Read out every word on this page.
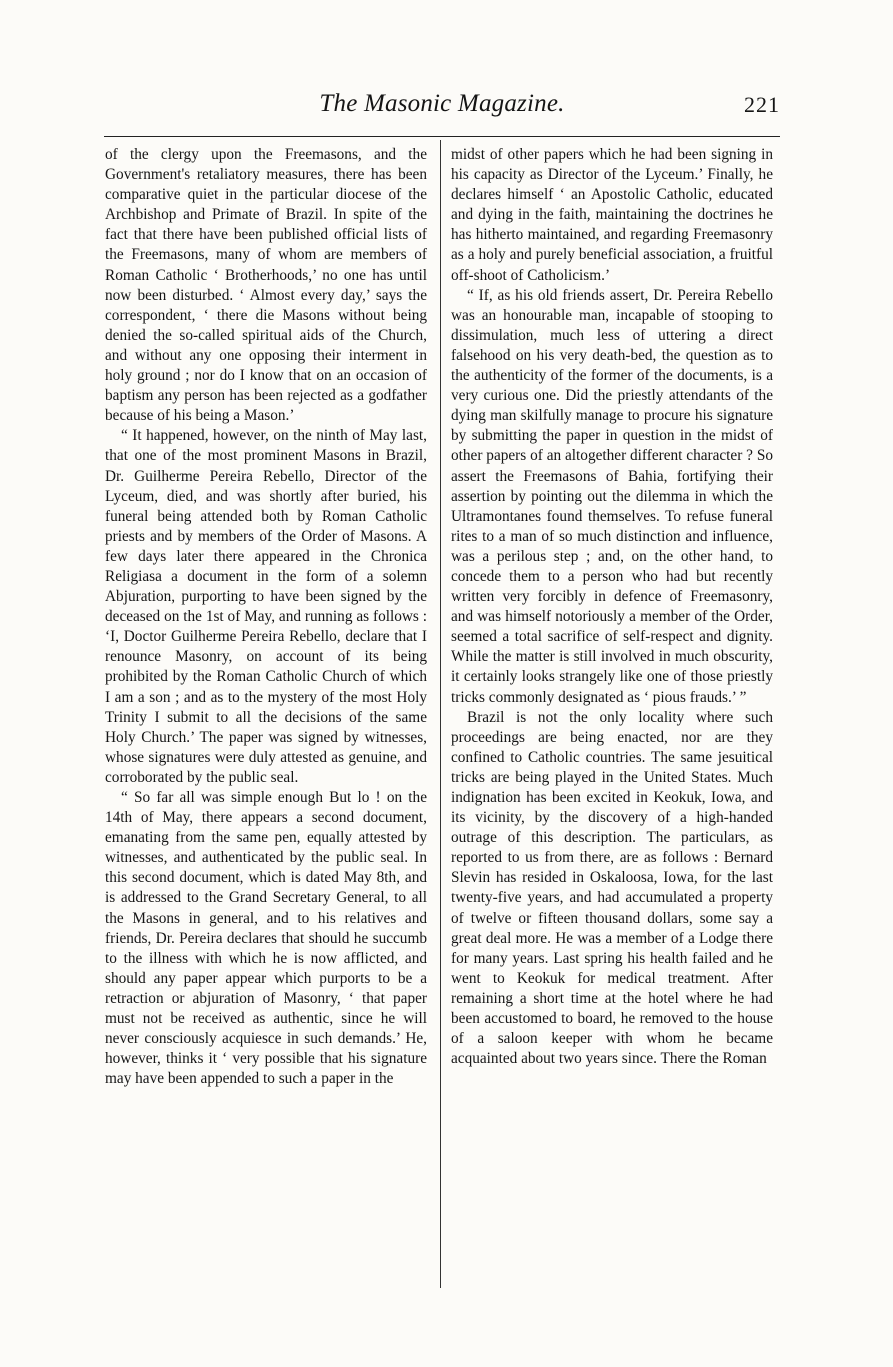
The Masonic Magazine.	221

of the clergy upon the Freemasons, and the Government's retaliatory measures, there has been comparative quiet in the particular diocese of the Archbishop and Primate of Brazil. In spite of the fact that there have been published official lists of the Freemasons, many of whom are members of Roman Catholic ‘ Brotherhoods,’ no one has until now been disturbed. ‘ Almost every day,’ says the correspondent, ‘ there die Masons without being denied the so-called spiritual aids of the Church, and without any one opposing their interment in holy ground ; nor do I know that on an occasion of baptism any person has been rejected as a godfather because of his being a Mason.’

“ It happened, however, on the ninth of May last, that one of the most prominent Masons in Brazil, Dr. Guilherme Pereira Rebello, Director of the Lyceum, died, and was shortly after buried, his funeral being attended both by Roman Catholic priests and by members of the Order of Masons. A few days later there appeared in the Chronica Religiasa a document in the form of a solemn Abjuration, purporting to have been signed by the deceased on the 1st of May, and running as follows : ‘I, Doctor Guilherme Pereira Rebello, declare that I renounce Masonry, on account of its being prohibited by the Roman Catholic Church of which I am a son ; and as to the mystery of the most Holy Trinity I submit to all the decisions of the same Holy Church.’ The paper was signed by witnesses, whose signatures were duly attested as genuine, and corroborated by the public seal.

“ So far all was simple enough But lo ! on the 14th of May, there appears a second document, emanating from the same pen, equally attested by witnesses, and authenticated by the public seal. In this second document, which is dated May 8th, and is addressed to the Grand Secretary General, to all the Masons in general, and to his relatives and friends, Dr. Pereira declares that should he succumb to the illness with which he is now afflicted, and should any paper appear which purports to be a retraction or abjuration of Masonry, ‘ that paper must not be received as authentic, since he will never consciously acquiesce in such demands.’ He, however, thinks it ‘ very possible that his signature may have been appended to such a paper in the

midst of other papers which he had been signing in his capacity as Director of the Lyceum.’ Finally, he declares himself ‘ an Apostolic Catholic, educated and dying in the faith, maintaining the doctrines he has hitherto maintained, and regarding Freemasonry as a holy and purely beneficial association, a fruitful off-shoot of Catholicism.’

“ If, as his old friends assert, Dr. Pereira Rebello was an honourable man, incapable of stooping to dissimulation, much less of uttering a direct falsehood on his very death-bed, the question as to the authenticity of the former of the documents, is a very curious one. Did the priestly attendants of the dying man skilfully manage to procure his signature by submitting the paper in question in the midst of other papers of an altogether different character ? So assert the Freemasons of Bahia, fortifying their assertion by pointing out the dilemma in which the Ultramontanes found themselves. To refuse funeral rites to a man of so much distinction and influence, was a perilous step ; and, on the other hand, to concede them to a person who had but recently written very forcibly in defence of Freemasonry, and was himself notoriously a member of the Order, seemed a total sacrifice of self-respect and dignity. While the matter is still involved in much obscurity, it certainly looks strangely like one of those priestly tricks commonly designated as ‘ pious frauds.’ ”

Brazil is not the only locality where such proceedings are being enacted, nor are they confined to Catholic countries. The same jesuitical tricks are being played in the United States. Much indignation has been excited in Keokuk, Iowa, and its vicinity, by the discovery of a high-handed outrage of this description. The particulars, as reported to us from there, are as follows : Bernard Slevin has resided in Oskaloosa, Iowa, for the last twenty-five years, and had accumulated a property of twelve or fifteen thousand dollars, some say a great deal more. He was a member of a Lodge there for many years. Last spring his health failed and he went to Keokuk for medical treatment. After remaining a short time at the hotel where he had been accustomed to board, he removed to the house of a saloon keeper with whom he became acquainted about two years since. There the Roman
